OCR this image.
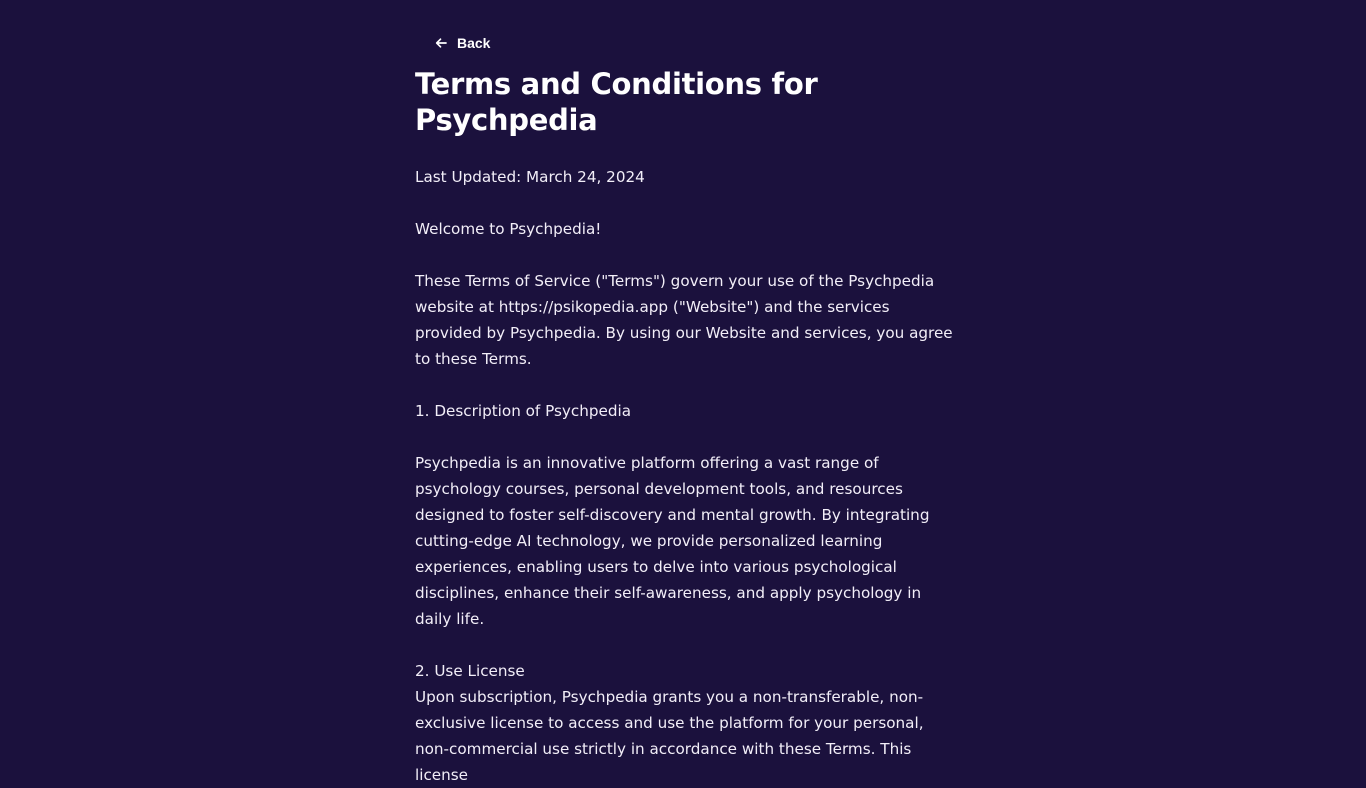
Back
Terms and Conditions for Psychpedia

Last Updated: March 24, 2024

Welcome to Psychpedia!

These Terms of Service ("Terms") govern your use of the Psychpedia website at https://psikopedia.app ("Website") and the services provided by Psychpedia. By using our Website and services, you agree to these Terms.

1. Description of Psychpedia

Psychpedia is an innovative platform offering a vast range of psychology courses, personal development tools, and resources designed to foster self-discovery and mental growth. By integrating cutting-edge AI technology, we provide personalized learning experiences, enabling users to delve into various psychological disciplines, enhance their self-awareness, and apply psychology in daily life.

2. Use License

Upon subscription, Psychpedia grants you a non-transferable, non-exclusive license to access and use the platform for your personal, non-commercial use strictly in accordance with these Terms. This license
